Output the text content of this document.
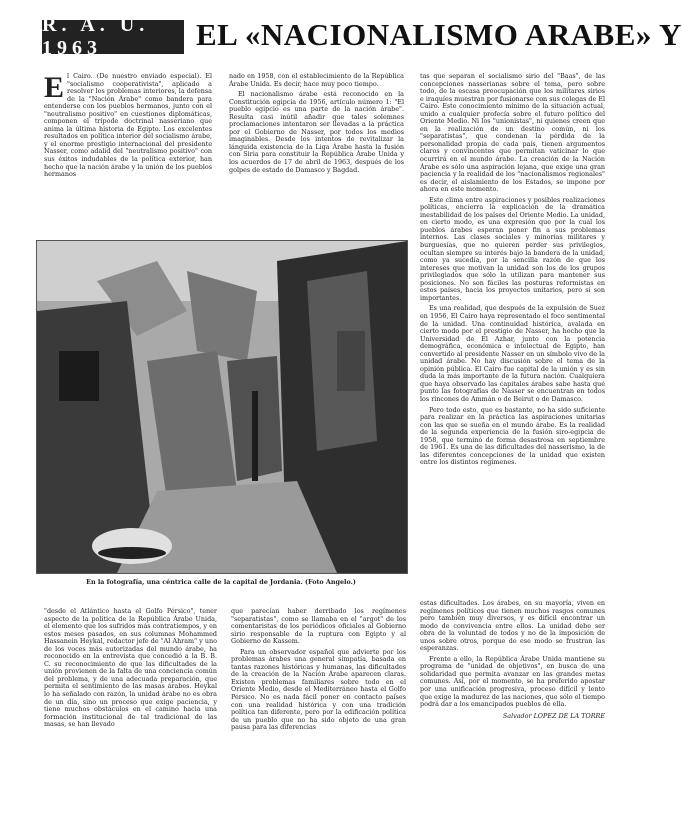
R. A. U. 1963	EL «NACIONALISMO ARABE» Y
E l Cairo. (De nuestro enviado especial). El "socialismo cooperativista", aplicado a resolver los problemas interiores, la defensa de la "Nación Árabe" como bandera para entenderse con los pueblos hermanos, junto con el "neutralismo positivo" en cuestiones diplomáticas, componen el trípode doctrinal nasseriano que anima la última historia de Egipto. Los excelentes resultados en política interior del socialismo árabe, y el enorme prestigio internacional del presidente Nasser, como adalid del "neutralismo positivo" con sus éxitos indudables de la política exterior, han hecho que la nación árabe y la unión de los pueblos hermanos

nado en 1958, con el establecimiento de la República Árabe Unida. Es decir, hace muy poco tiempo.

El nacionalismo árabe está reconocido en la Constitución egipcia de 1956, artículo número 1: "El pueblo egipcio es una parte de la nación árabe". Resulta casi inútil añadir que tales solemnes proclamaciones intentaron ser llevadas a la práctica por el Gobierno de Nasser, por todos los medios imaginables. Desde los intentos de revitalizar la lánguida existencia de la Liga Árabe hasta la fusión con Siria para constituir la República Árabe Unida y los acuerdos de 17 de abril de 1963, después de los golpes de estado de Damasco y Bagdad.

tas que separan el socialismo sirio del "Baas", de las concepciones nasserianas sobre el tema, pero sobre todo, de la escasa preocupación que los militares sirios e iraquíes muestran por fusionarse con sus colegas de El Cairo. Este conocimiento mínimo de la situación actual, unido a cualquier profecía sobre el futuro político del Oriente Medio. Ni los "unionistas", ni quienes creen que en la realización de un destino común, ni los "separatistas", que condenan la pérdida de la personalidad propia de cada país, tienen argumentos claros y convincentes que permitan vaticinar lo que ocurrirá en el mundo árabe. La creación de la Nación Árabe es sólo una aspiración lejana, que exige una gran paciencia y la realidad de los "nacionalismos regionales" es decir, el aislamiento de los Estados, se impone por ahora en este momento.

Este clima entre aspiraciones y posibles realizaciones políticas, encierra la explicación de la dramática inestabilidad de los países del Oriente Medio. La unidad, en cierto modo, es una expresión que por la cual los pueblos árabes esperan poner fin a sus problemas internos. Las clases sociales y minorías militares y burguesías, que no quieren perder sus privilegios, ocultan siempre su interés bajo la bandera de la unidad, como ya sucedía, por la sencilla razón de que los intereses que motivan la unidad son los de los grupos privilegiados que sólo la utilizan para mantener sus posiciones. No son fáciles las posturas reformistas en estos países, hacia los proyectos unitarios, pero sí son importantes.

Es una realidad, que después de la expulsión de Suez en 1956, El Cairo haya representado el foco sentimental de la unidad. Una continuidad histórica, avalada en cierto modo por el prestigio de Nasser, ha hecho que la Universidad de El Azhar, junto con la potencia demográfica, económica e intelectual de Egipto, han convertido al presidente Nasser en un símbolo vivo de la unidad árabe. No hay discusión sobre el tema de la opinión pública. El Cairo fue capital de la unión y es sin duda la más importante de la futura nación. Cualquiera que haya observado las capitales árabes sabe hasta qué punto las fotografías de Nasser se encuentran en todos los rincones de Ammán o de Beirut o de Damasco.

Pero todo esto, que es bastante, no ha sido suficiente para realizar en la práctica las aspiraciones unitarias con las que se sueña en el mundo árabe. Es la realidad de la segunda experiencia de la fusión siro-egipcia de 1958, que terminó de forma desastrosa en septiembre de 1961. Es una de las dificultades del nasserismo, la de las diferentes concepciones de la unidad que existen entre los distintos regímenes.

En la fotografía, una céntrica calle de la capital de Jordania. (Foto Angelo.)

"desde el Atlántico hasta el Golfo Pérsico", tener aspecto de la política de la República Árabe Unida, el elemento que los sufridos más contratiempos, y en estos meses pasados, en sus columnas Mohammed Hassanein Heykal, redactor jefe de "Al Ahram" y uno de los voces más autorizadas del mundo árabe, ha reconocido en la entrevista que concedió a la B. B. C. su reconocimiento de que las dificultades de la unión provienen de la falta de una conciencia común del problema, y de una adecuada preparación, que permita el sentimiento de las masas árabes. Heykal lo ha señalado con razón, la unidad árabe no es obra de un día, sino un proceso que exige paciencia, y tiene muchos obstáculos en el camino hacia una formación institucional de tal tradicional de las masas, se han llevado

que parecían haber derribado los regímenes "separatistas", como se llamaba en el "argot" de los comentaristas de los periódicos oficiales al Gobierno sirio responsable de la ruptura con Egipto y al Gobierno de Kassem.

Para un observador español que advierte por los problemas árabes una general simpatía, basada en tantas razones históricas y humanas, las dificultades de la creación de la Nación Árabe aparecen claras. Existen problemas familiares sobre todo en el Oriente Medio, desde el Mediterráneo hasta el Golfo Pérsico. No es nada fácil poner en contacto países con una realidad histórica y con una tradición política tan diferente, pero por la edificación política de un pueblo que no ha sido objeto de una gran pausa para las diferencias

estas dificultades. Los árabes, en su mayoría, viven en regímenes políticos que tienen muchos rasgos comunes pero también muy diversos, y es difícil encontrar un modo de convivencia entre ellos. La unidad debe ser obra de la voluntad de todos y no de la imposición de unos sobre otros, porque de ese modo se frustran las esperanzas.

Frente a ello, la República Árabe Unida mantiene su programa de "unidad de objetivos", en busca de una solidaridad que permita avanzar en las grandes metas comunes. Así, por el momento, se ha preferido apostar por una unificación progresiva, proceso difícil y lento que exige la madurez de las naciones, que sólo el tiempo podrá dar a los emancipados pueblos de ella.

Salvador LOPEZ DE LA TORRE
